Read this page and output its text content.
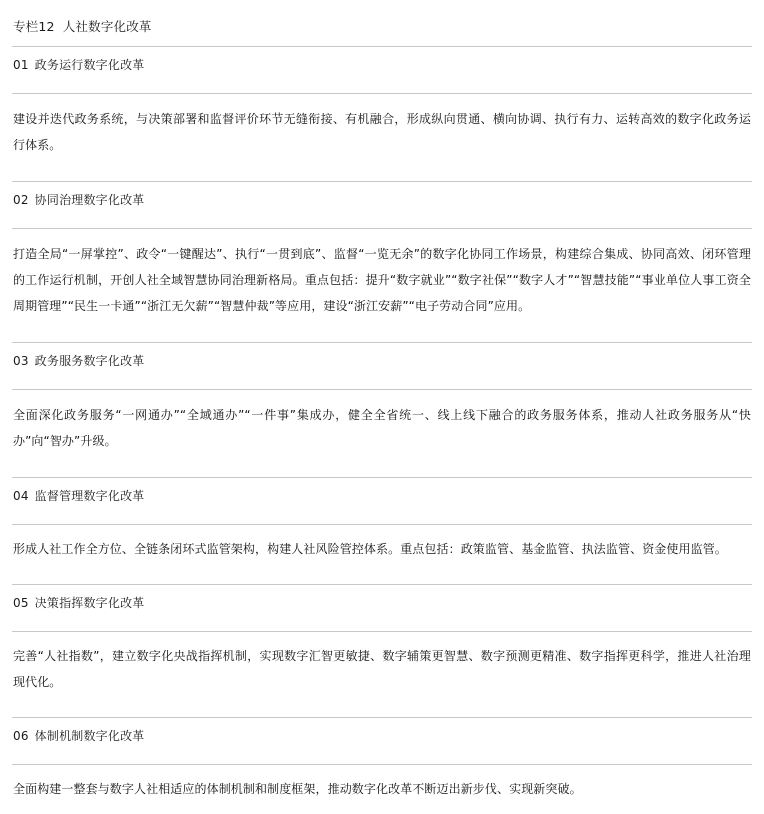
专栏12 人社数字化改革
01 政务运行数字化改革
建设并迭代政务系统，与决策部署和监督评价环节无缝衔接、有机融合，形成纵向贯通、横向协调、执行有力、运转高效的数字化政务运行体系。
02 协同治理数字化改革
打造全局“一屏掌控”、政令“一键醒达”、执行“一贯到底”、监督“一览无余”的数字化协同工作场景，构建综合集成、协同高效、闭环管理的工作运行机制，开创人社全域智慧协同治理新格局。重点包括：提升“数字就业”“数字社保”“数字人才”“智慧技能”“事业单位人事工资全周期管理”“民生一卡通”“浙江无欠薪”“智慧仲裁”等应用，建设“浙江安薪”“电子劳动合同”应用。
03 政务服务数字化改革
全面深化政务服务“一网通办”“全域通办”“一件事”集成办，健全全省统一、线上线下融合的政务服务体系，推动人社政务服务从“快办”向“智办”升级。
04 监督管理数字化改革
形成人社工作全方位、全链条闭环式监管架构，构建人社风险管控体系。重点包括：政策监管、基金监管、执法监管、资金使用监管。
05 决策指挥数字化改革
完善“人社指数”，建立数字化央战指挥机制，实现数字汇智更敏捷、数字辅策更智慧、数字预测更精准、数字指挥更科学，推进人社治理现代化。
06 体制机制数字化改革
全面构建一整套与数字人社相适应的体制机制和制度框架，推动数字化改革不断迈出新步伐、实现新突破。
